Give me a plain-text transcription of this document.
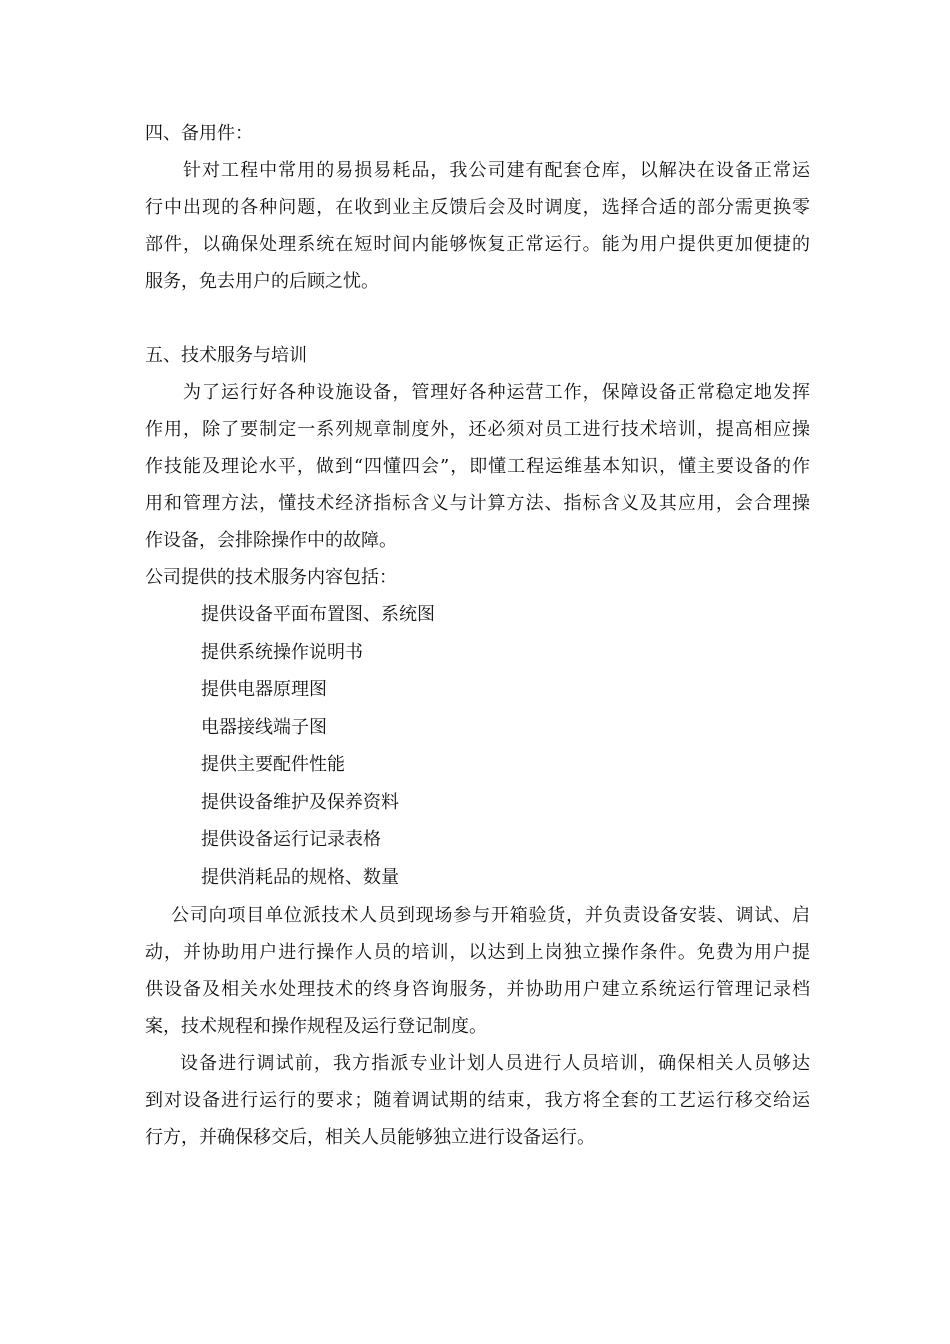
四、备用件：
针对工程中常用的易损易耗品，我公司建有配套仓库，以解决在设备正常运
行中出现的各种问题，在收到业主反馈后会及时调度，选择合适的部分需更换零
部件，以确保处理系统在短时间内能够恢复正常运行。能为用户提供更加便捷的
服务，免去用户的后顾之忧。
五、技术服务与培训
为了运行好各种设施设备，管理好各种运营工作，保障设备正常稳定地发挥
作用，除了要制定一系列规章制度外，还必须对员工进行技术培训，提高相应操
作技能及理论水平，做到“四懂四会”，即懂工程运维基本知识，懂主要设备的作
用和管理方法，懂技术经济指标含义与计算方法、指标含义及其应用，会合理操
作设备，会排除操作中的故障。
公司提供的技术服务内容包括：
提供设备平面布置图、系统图
提供系统操作说明书
提供电器原理图
电器接线端子图
提供主要配件性能
提供设备维护及保养资料
提供设备运行记录表格
提供消耗品的规格、数量
公司向项目单位派技术人员到现场参与开箱验货，并负责设备安装、调试、启
动，并协助用户进行操作人员的培训，以达到上岗独立操作条件。免费为用户提
供设备及相关水处理技术的终身咨询服务，并协助用户建立系统运行管理记录档
案，技术规程和操作规程及运行登记制度。
设备进行调试前，我方指派专业计划人员进行人员培训，确保相关人员够达
到对设备进行运行的要求；随着调试期的结束，我方将全套的工艺运行移交给运
行方，并确保移交后，相关人员能够独立进行设备运行。
